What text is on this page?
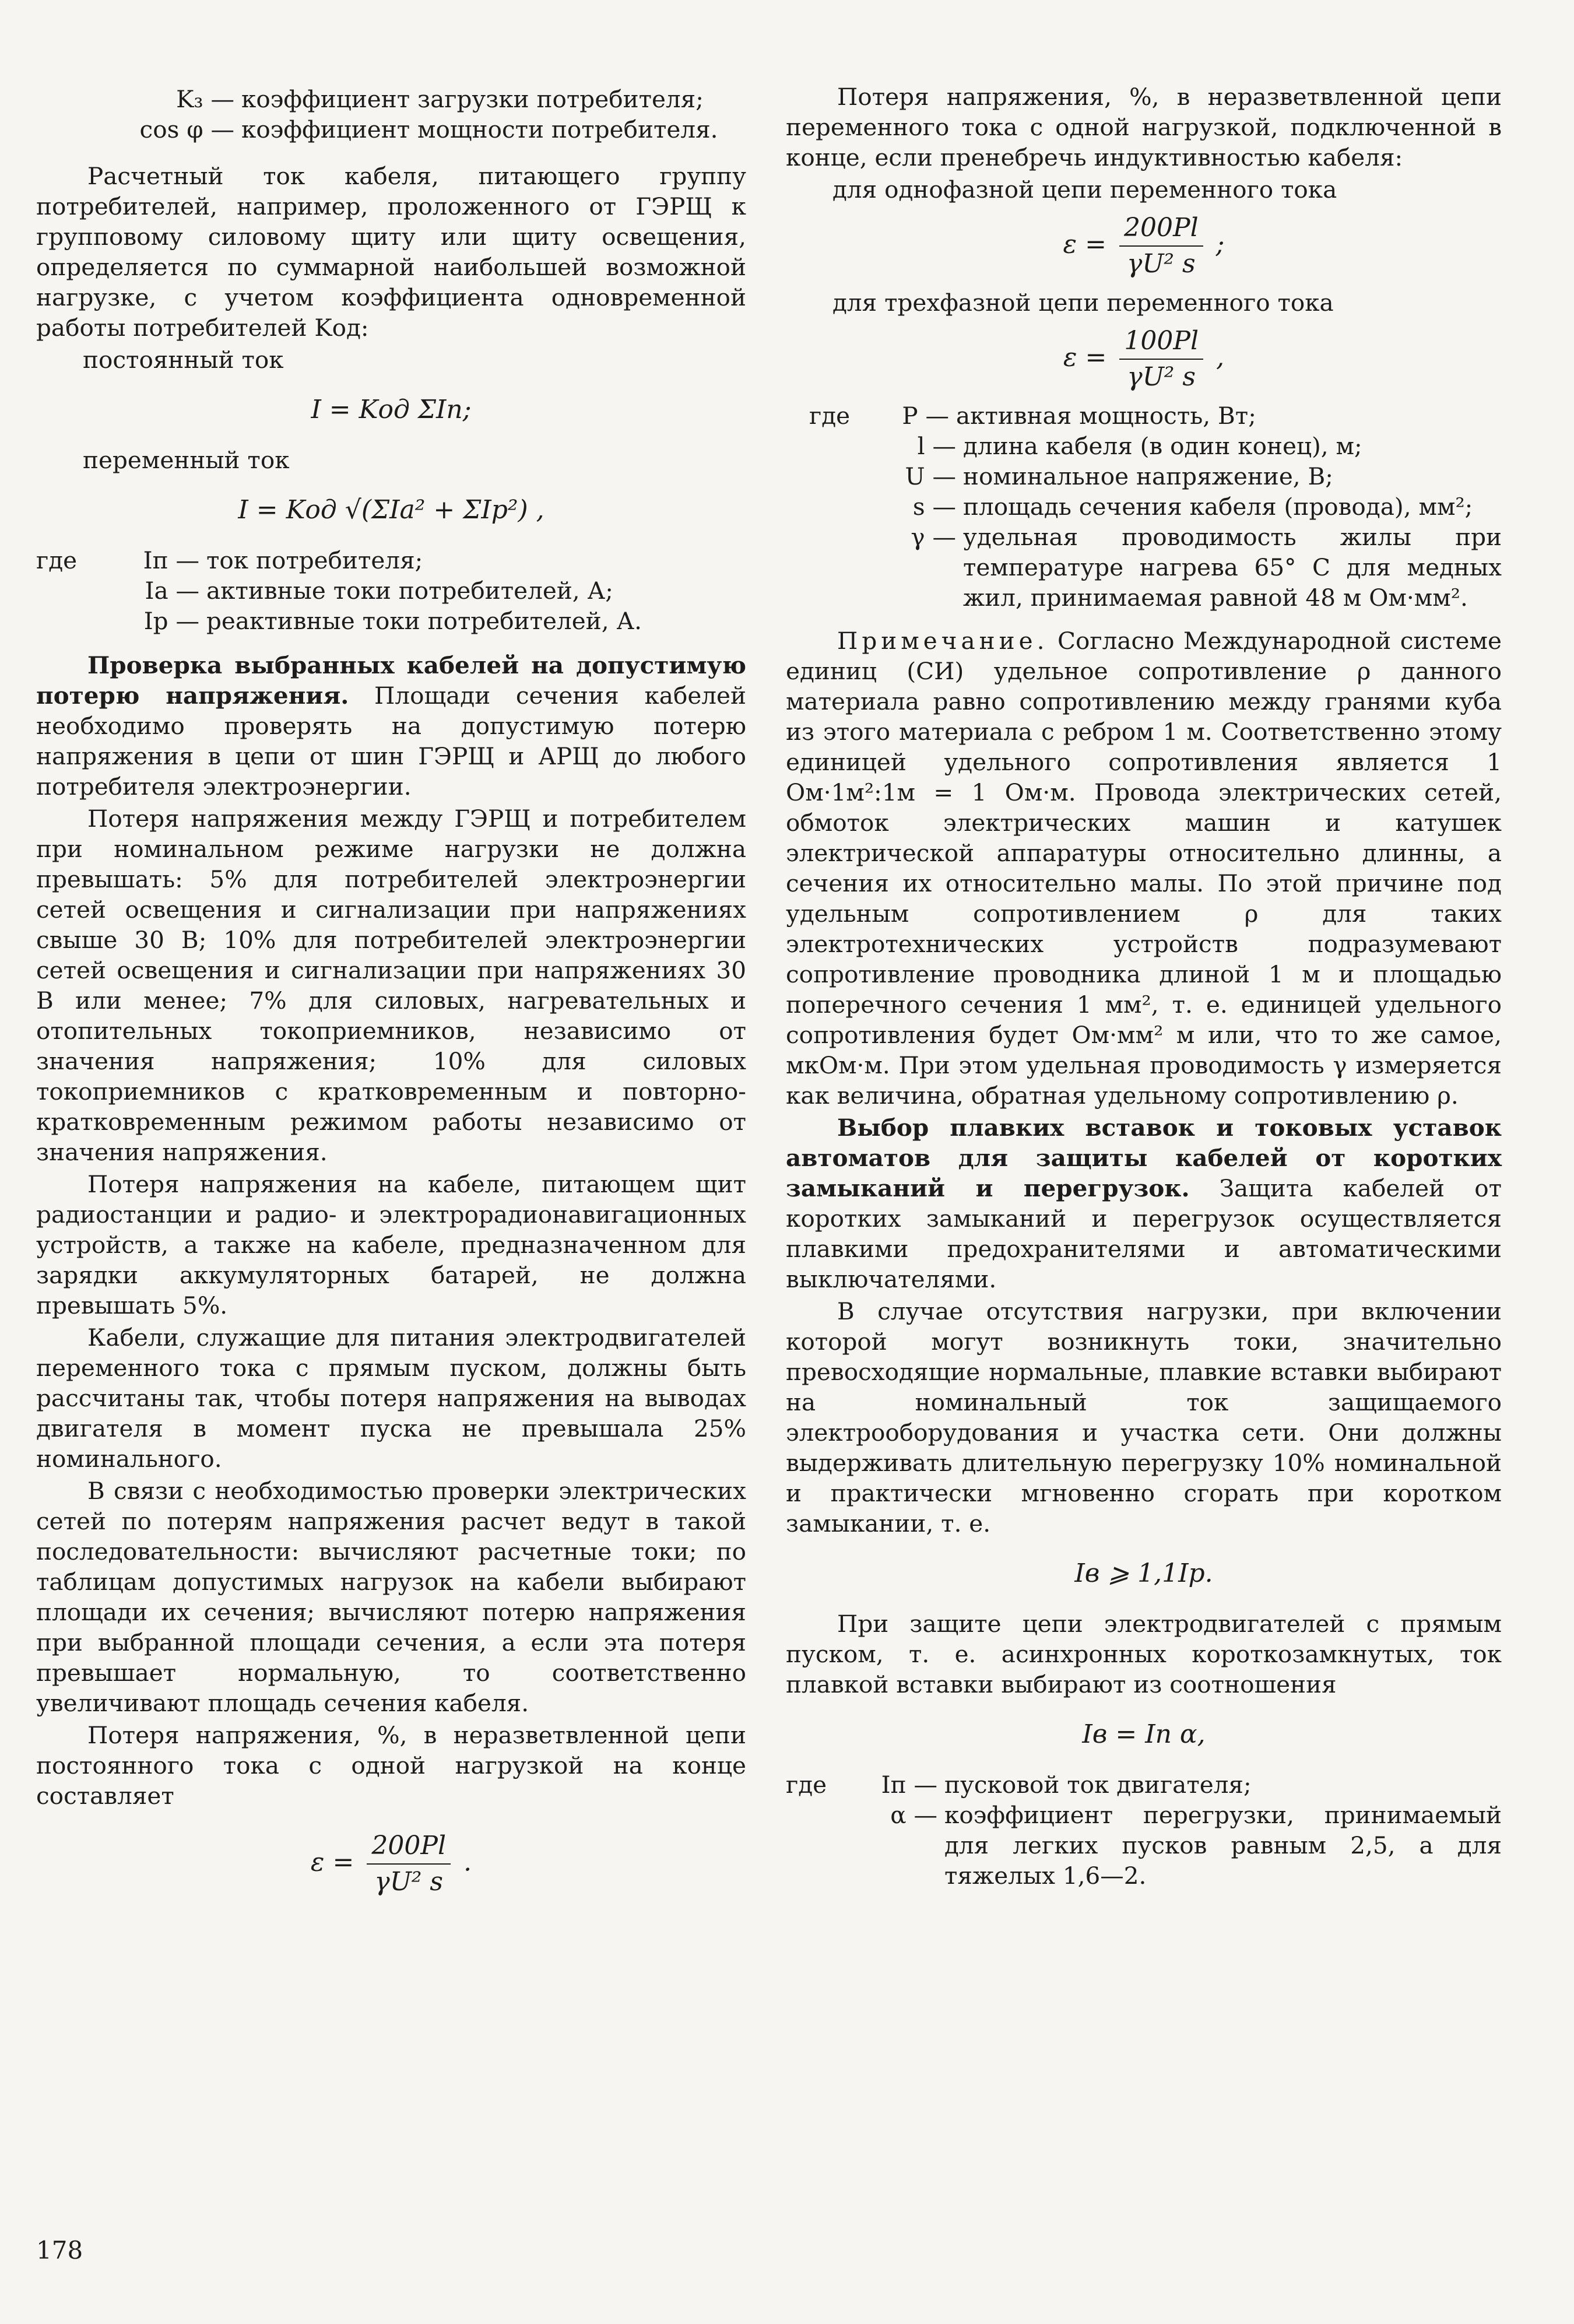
K₃ — коэффициент загрузки потребителя;
cos φ — коэффициент мощности потребителя.

Расчетный ток кабеля, питающего группу потребителей, например, проложенного от ГЭРЩ к групповому силовому щиту или щиту освещения, определяется по суммарной наибольшей возможной нагрузке, с учетом коэффициента одновременной работы потребителей Kод:

постоянный ток

I = Kод ΣIп;

переменный ток

I = Kод √(ΣIа² + ΣIр²) ,
где	Iп — ток потребителя;
Iа — активные токи потребителей, А;
Iр — реактивные токи потребителей, А.

Проверка выбранных кабелей на допустимую потерю напряжения. Площади сечения кабелей необходимо проверять на допустимую потерю напряжения в цепи от шин ГЭРЩ и АРЩ до любого потребителя электроэнергии.

Потеря напряжения между ГЭРЩ и потребителем при номинальном режиме нагрузки не должна превышать: 5% для потребителей электроэнергии сетей освещения и сигнализации при напряжениях свыше 30 В; 10% для потребителей электроэнергии сетей освещения и сигнализации при напряжениях 30 В или менее; 7% для силовых, нагревательных и отопительных токоприемников, независимо от значения напряжения; 10% для силовых токоприемников с кратковременным и повторно-кратковременным режимом работы независимо от значения напряжения.

Потеря напряжения на кабеле, питающем щит радиостанции и радио- и электрорадионавигационных устройств, а также на кабеле, предназначенном для зарядки аккумуляторных батарей, не должна превышать 5%.

Кабели, служащие для питания электродвигателей переменного тока с прямым пуском, должны быть рассчитаны так, чтобы потеря напряжения на выводах двигателя в момент пуска не превышала 25% номинального.

В связи с необходимостью проверки электрических сетей по потерям напряжения расчет ведут в такой последовательности: вычисляют расчетные токи; по таблицам допустимых нагрузок на кабели выбирают площади их сечения; вычисляют потерю напряжения при выбранной площади сечения, а если эта потеря превышает нормальную, то соответственно увеличивают площадь сечения кабеля.

Потеря напряжения, %, в неразветвленной цепи постоянного тока с одной нагрузкой на конце составляет

$\varepsilon = \frac{200Pl}{\text{γU² s}}$ .

Потеря напряжения, %, в неразветвленной цепи переменного тока с одной нагрузкой, подключенной в конце, если пренебречь индуктивностью кабеля:

для однофазной цепи переменного тока

$\varepsilon = \frac{200Pl}{\text{γU² s}}$ ;

для трехфазной цепи переменного тока

$\varepsilon = \frac{100Pl}{\text{γU² s}}$ ,
где	P — активная мощность, Вт;
l — длина кабеля (в один конец), м;
U — номинальное напряжение, В;
s — площадь сечения кабеля (провода), мм²;
γ — удельная проводимость жилы при температуре нагрева 65° С для медных жил, принимаемая равной 48 м Ом·мм².

Примечание. Согласно Международной системе единиц (СИ) удельное сопротивление ρ данного материала равно сопротивлению между гранями куба из этого материала с ребром 1 м. Соответственно этому единицей удельного сопротивления является 1 Ом·1м²:1м = 1 Ом·м. Провода электрических сетей, обмоток электрических машин и катушек электрической аппаратуры относительно длинны, а сечения их относительно малы. По этой причине под удельным сопротивлением ρ для таких электротехнических устройств подразумевают сопротивление проводника длиной 1 м и площадью поперечного сечения 1 мм², т. е. единицей удельного сопротивления будет Ом·мм² м или, что то же самое, мкОм·м. При этом удельная проводимость γ измеряется как величина, обратная удельному сопротивлению ρ.

Выбор плавких вставок и токовых уставок автоматов для защиты кабелей от коротких замыканий и перегрузок. Защита кабелей от коротких замыканий и перегрузок осуществляется плавкими предохранителями и автоматическими выключателями.

В случае отсутствия нагрузки, при включении которой могут возникнуть токи, значительно превосходящие нормальные, плавкие вставки выбирают на номинальный ток защищаемого электрооборудования и участка сети. Они должны выдерживать длительную перегрузку 10% номинальной и практически мгновенно сгорать при коротком замыкании, т. е.

Iв ⩾ 1,1Iр.

При защите цепи электродвигателей с прямым пуском, т. е. асинхронных короткозамкнутых, ток плавкой вставки выбирают из соотношения

Iв = Iп α,
где	Iп — пусковой ток двигателя;
α — коэффициент перегрузки, принимаемый для легких пусков равным 2,5, а для тяжелых 1,6—2.
178
